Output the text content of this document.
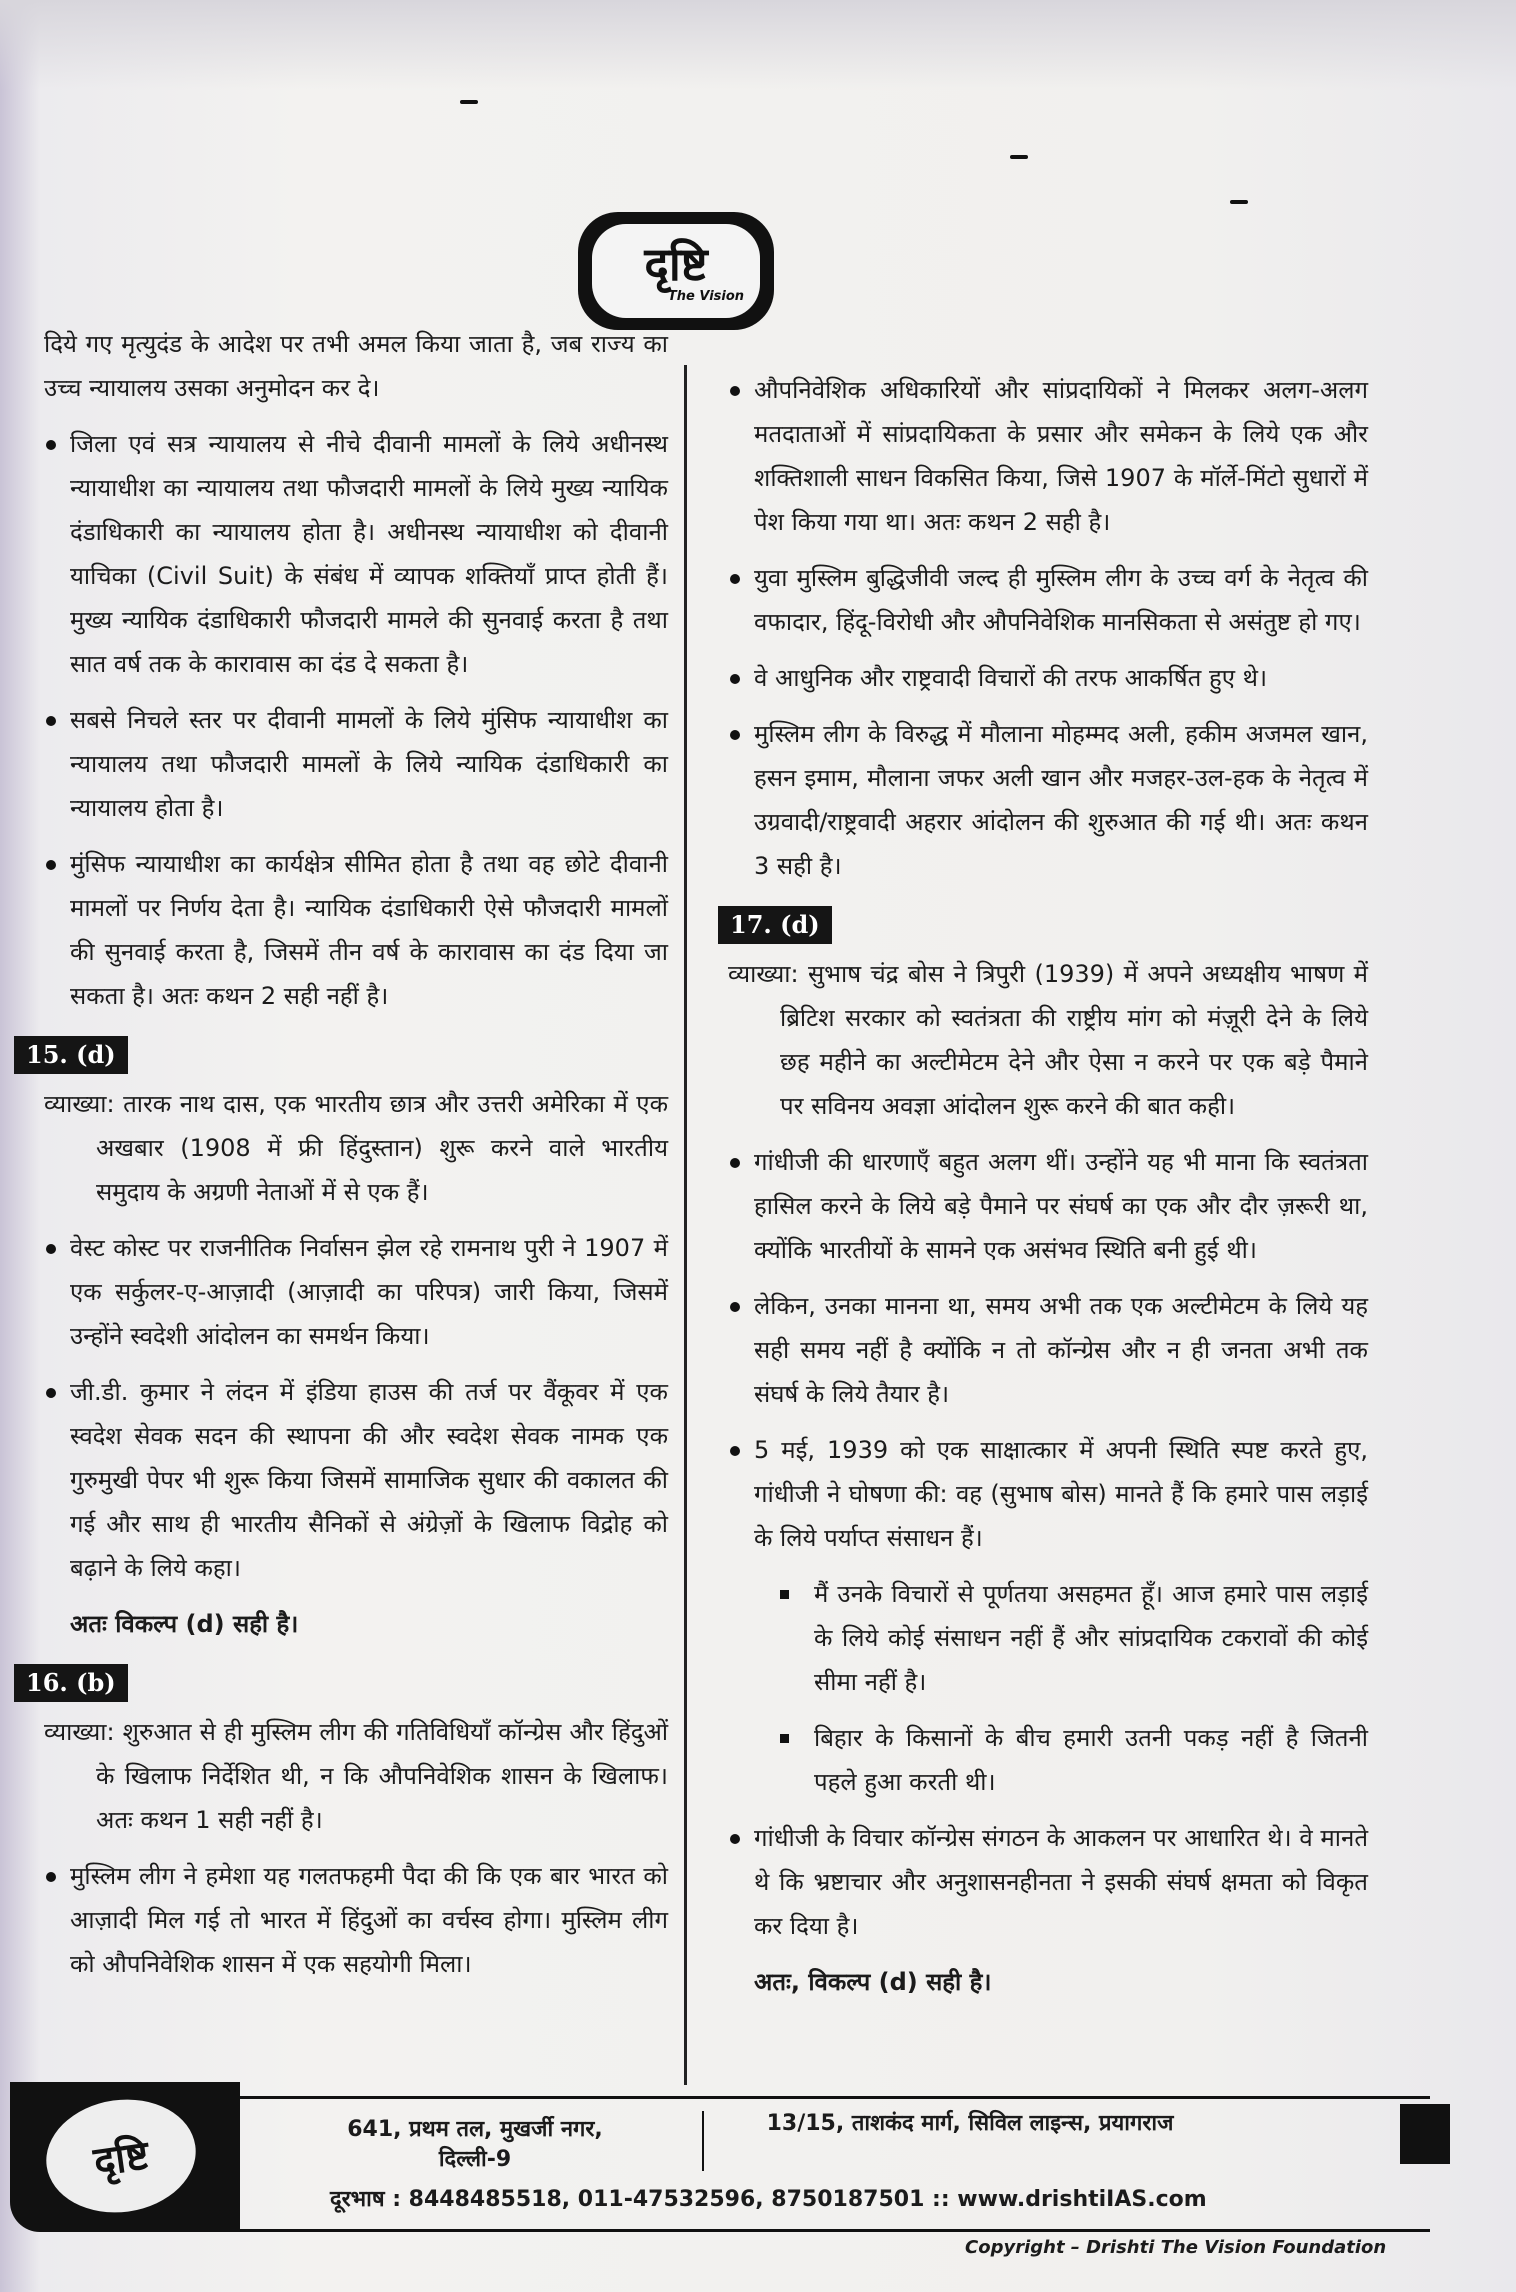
दृष्टि
The Vision

दिये गए मृत्युदंड के आदेश पर तभी अमल किया जाता है, जब राज्य का उच्च न्यायालय उसका अनुमोदन कर दे।

जिला एवं सत्र न्यायालय से नीचे दीवानी मामलों के लिये अधीनस्थ न्यायाधीश का न्यायालय तथा फौजदारी मामलों के लिये मुख्य न्यायिक दंडाधिकारी का न्यायालय होता है। अधीनस्थ न्यायाधीश को दीवानी याचिका (Civil Suit) के संबंध में व्यापक शक्तियाँ प्राप्त होती हैं। मुख्य न्यायिक दंडाधिकारी फौजदारी मामले की सुनवाई करता है तथा सात वर्ष तक के कारावास का दंड दे सकता है।

सबसे निचले स्तर पर दीवानी मामलों के लिये मुंसिफ न्यायाधीश का न्यायालय तथा फौजदारी मामलों के लिये न्यायिक दंडाधिकारी का न्यायालय होता है।

मुंसिफ न्यायाधीश का कार्यक्षेत्र सीमित होता है तथा वह छोटे दीवानी मामलों पर निर्णय देता है। न्यायिक दंडाधिकारी ऐसे फौजदारी मामलों की सुनवाई करता है, जिसमें तीन वर्ष के कारावास का दंड दिया जा सकता है। अतः कथन 2 सही नहीं है।

15. (d)

व्याख्या: तारक नाथ दास, एक भारतीय छात्र और उत्तरी अमेरिका में एक अखबार (1908 में फ्री हिंदुस्तान) शुरू करने वाले भारतीय समुदाय के अग्रणी नेताओं में से एक हैं।

वेस्ट कोस्ट पर राजनीतिक निर्वासन झेल रहे रामनाथ पुरी ने 1907 में एक सर्कुलर-ए-आज़ादी (आज़ादी का परिपत्र) जारी किया, जिसमें उन्होंने स्वदेशी आंदोलन का समर्थन किया।

जी.डी. कुमार ने लंदन में इंडिया हाउस की तर्ज पर वैंकूवर में एक स्वदेश सेवक सदन की स्थापना की और स्वदेश सेवक नामक एक गुरुमुखी पेपर भी शुरू किया जिसमें सामाजिक सुधार की वकालत की गई और साथ ही भारतीय सैनिकों से अंग्रेज़ों के खिलाफ विद्रोह को बढ़ाने के लिये कहा।

अतः विकल्प (d) सही है।

16. (b)

व्याख्या: शुरुआत से ही मुस्लिम लीग की गतिविधियाँ कॉन्ग्रेस और हिंदुओं के खिलाफ निर्देशित थी, न कि औपनिवेशिक शासन के खिलाफ। अतः कथन 1 सही नहीं है।

मुस्लिम लीग ने हमेशा यह गलतफहमी पैदा की कि एक बार भारत को आज़ादी मिल गई तो भारत में हिंदुओं का वर्चस्व होगा। मुस्लिम लीग को औपनिवेशिक शासन में एक सहयोगी मिला।

औपनिवेशिक अधिकारियों और सांप्रदायिकों ने मिलकर अलग-अलग मतदाताओं में सांप्रदायिकता के प्रसार और समेकन के लिये एक और शक्तिशाली साधन विकसित किया, जिसे 1907 के मॉर्ले-मिंटो सुधारों में पेश किया गया था। अतः कथन 2 सही है।

युवा मुस्लिम बुद्धिजीवी जल्द ही मुस्लिम लीग के उच्च वर्ग के नेतृत्व की वफादार, हिंदू-विरोधी और औपनिवेशिक मानसिकता से असंतुष्ट हो गए।

वे आधुनिक और राष्ट्रवादी विचारों की तरफ आकर्षित हुए थे।

मुस्लिम लीग के विरुद्ध में मौलाना मोहम्मद अली, हकीम अजमल खान, हसन इमाम, मौलाना जफर अली खान और मजहर-उल-हक के नेतृत्व में उग्रवादी/राष्ट्रवादी अहरार आंदोलन की शुरुआत की गई थी। अतः कथन 3 सही है।

17. (d)

व्याख्या: सुभाष चंद्र बोस ने त्रिपुरी (1939) में अपने अध्यक्षीय भाषण में ब्रिटिश सरकार को स्वतंत्रता की राष्ट्रीय मांग को मंज़ूरी देने के लिये छह महीने का अल्टीमेटम देने और ऐसा न करने पर एक बड़े पैमाने पर सविनय अवज्ञा आंदोलन शुरू करने की बात कही।

गांधीजी की धारणाएँ बहुत अलग थीं। उन्होंने यह भी माना कि स्वतंत्रता हासिल करने के लिये बड़े पैमाने पर संघर्ष का एक और दौर ज़रूरी था, क्योंकि भारतीयों के सामने एक असंभव स्थिति बनी हुई थी।

लेकिन, उनका मानना था, समय अभी तक एक अल्टीमेटम के लिये यह सही समय नहीं है क्योंकि न तो कॉन्ग्रेस और न ही जनता अभी तक संघर्ष के लिये तैयार है।

5 मई, 1939 को एक साक्षात्कार में अपनी स्थिति स्पष्ट करते हुए, गांधीजी ने घोषणा की: वह (सुभाष बोस) मानते हैं कि हमारे पास लड़ाई के लिये पर्याप्त संसाधन हैं।

मैं उनके विचारों से पूर्णतया असहमत हूँ। आज हमारे पास लड़ाई के लिये कोई संसाधन नहीं हैं और सांप्रदायिक टकरावों की कोई सीमा नहीं है।

बिहार के किसानों के बीच हमारी उतनी पकड़ नहीं है जितनी पहले हुआ करती थी।

गांधीजी के विचार कॉन्ग्रेस संगठन के आकलन पर आधारित थे। वे मानते थे कि भ्रष्टाचार और अनुशासनहीनता ने इसकी संघर्ष क्षमता को विकृत कर दिया है।

अतः, विकल्प (d) सही है।

दृष्टि
641, प्रथम तल, मुखर्जी नगर, दिल्ली-9
13/15, ताशकंद मार्ग, सिविल लाइन्स, प्रयागराज
दूरभाष : 8448485518, 011-47532596, 8750187501 :: www.drishtiIAS.com
Copyright – Drishti The Vision Foundation
